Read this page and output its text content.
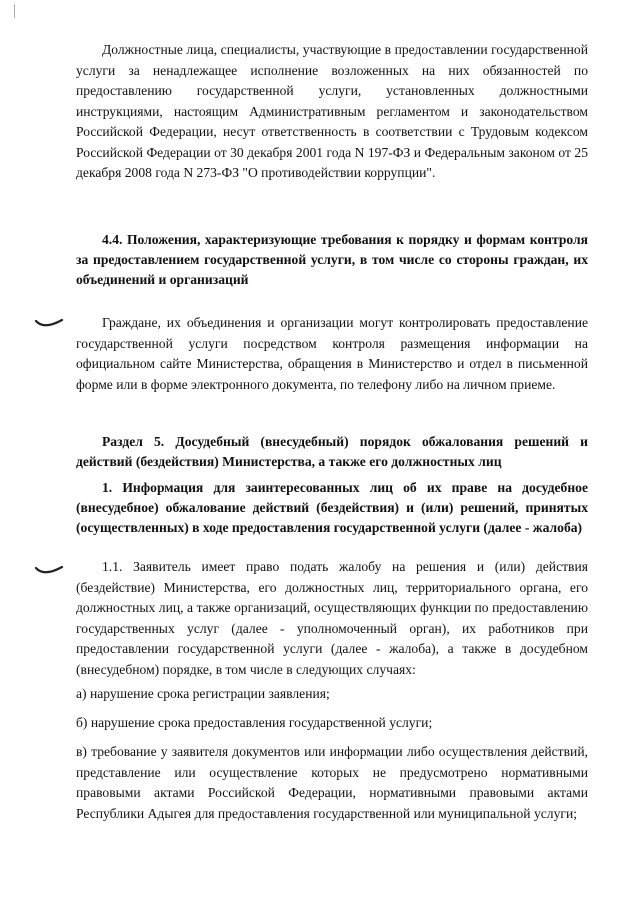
Должностные лица, специалисты, участвующие в предоставлении государственной услуги за ненадлежащее исполнение возложенных на них обязанностей по предоставлению государственной услуги, установленных должностными инструкциями, настоящим Административным регламентом и законодательством Российской Федерации, несут ответственность в соответствии с Трудовым кодексом Российской Федерации от 30 декабря 2001 года N 197-ФЗ и Федеральным законом от 25 декабря 2008 года N 273-ФЗ "О противодействии коррупции".

4.4. Положения, характеризующие требования к порядку и формам контроля за предоставлением государственной услуги, в том числе со стороны граждан, их объединений и организаций

Граждане, их объединения и организации могут контролировать предоставление государственной услуги посредством контроля размещения информации на официальном сайте Министерства, обращения в Министерство и отдел в письменной форме или в форме электронного документа, по телефону либо на личном приеме.

Раздел 5. Досудебный (внесудебный) порядок обжалования решений и действий (бездействия) Министерства, а также его должностных лиц

1. Информация для заинтересованных лиц об их праве на досудебное (внесудебное) обжалование действий (бездействия) и (или) решений, принятых (осуществленных) в ходе предоставления государственной услуги (далее - жалоба)

1.1. Заявитель имеет право подать жалобу на решения и (или) действия (бездействие) Министерства, его должностных лиц, территориального органа, его должностных лиц, а также организаций, осуществляющих функции по предоставлению государственных услуг (далее - уполномоченный орган), их работников при предоставлении государственной услуги (далее - жалоба), а также в досудебном (внесудебном) порядке, в том числе в следующих случаях:

а) нарушение срока регистрации заявления;

б) нарушение срока предоставления государственной услуги;

в) требование у заявителя документов или информации либо осуществления действий, представление или осуществление которых не предусмотрено нормативными правовыми актами Российской Федерации, нормативными правовыми актами Республики Адыгея для предоставления государственной или муниципальной услуги;
